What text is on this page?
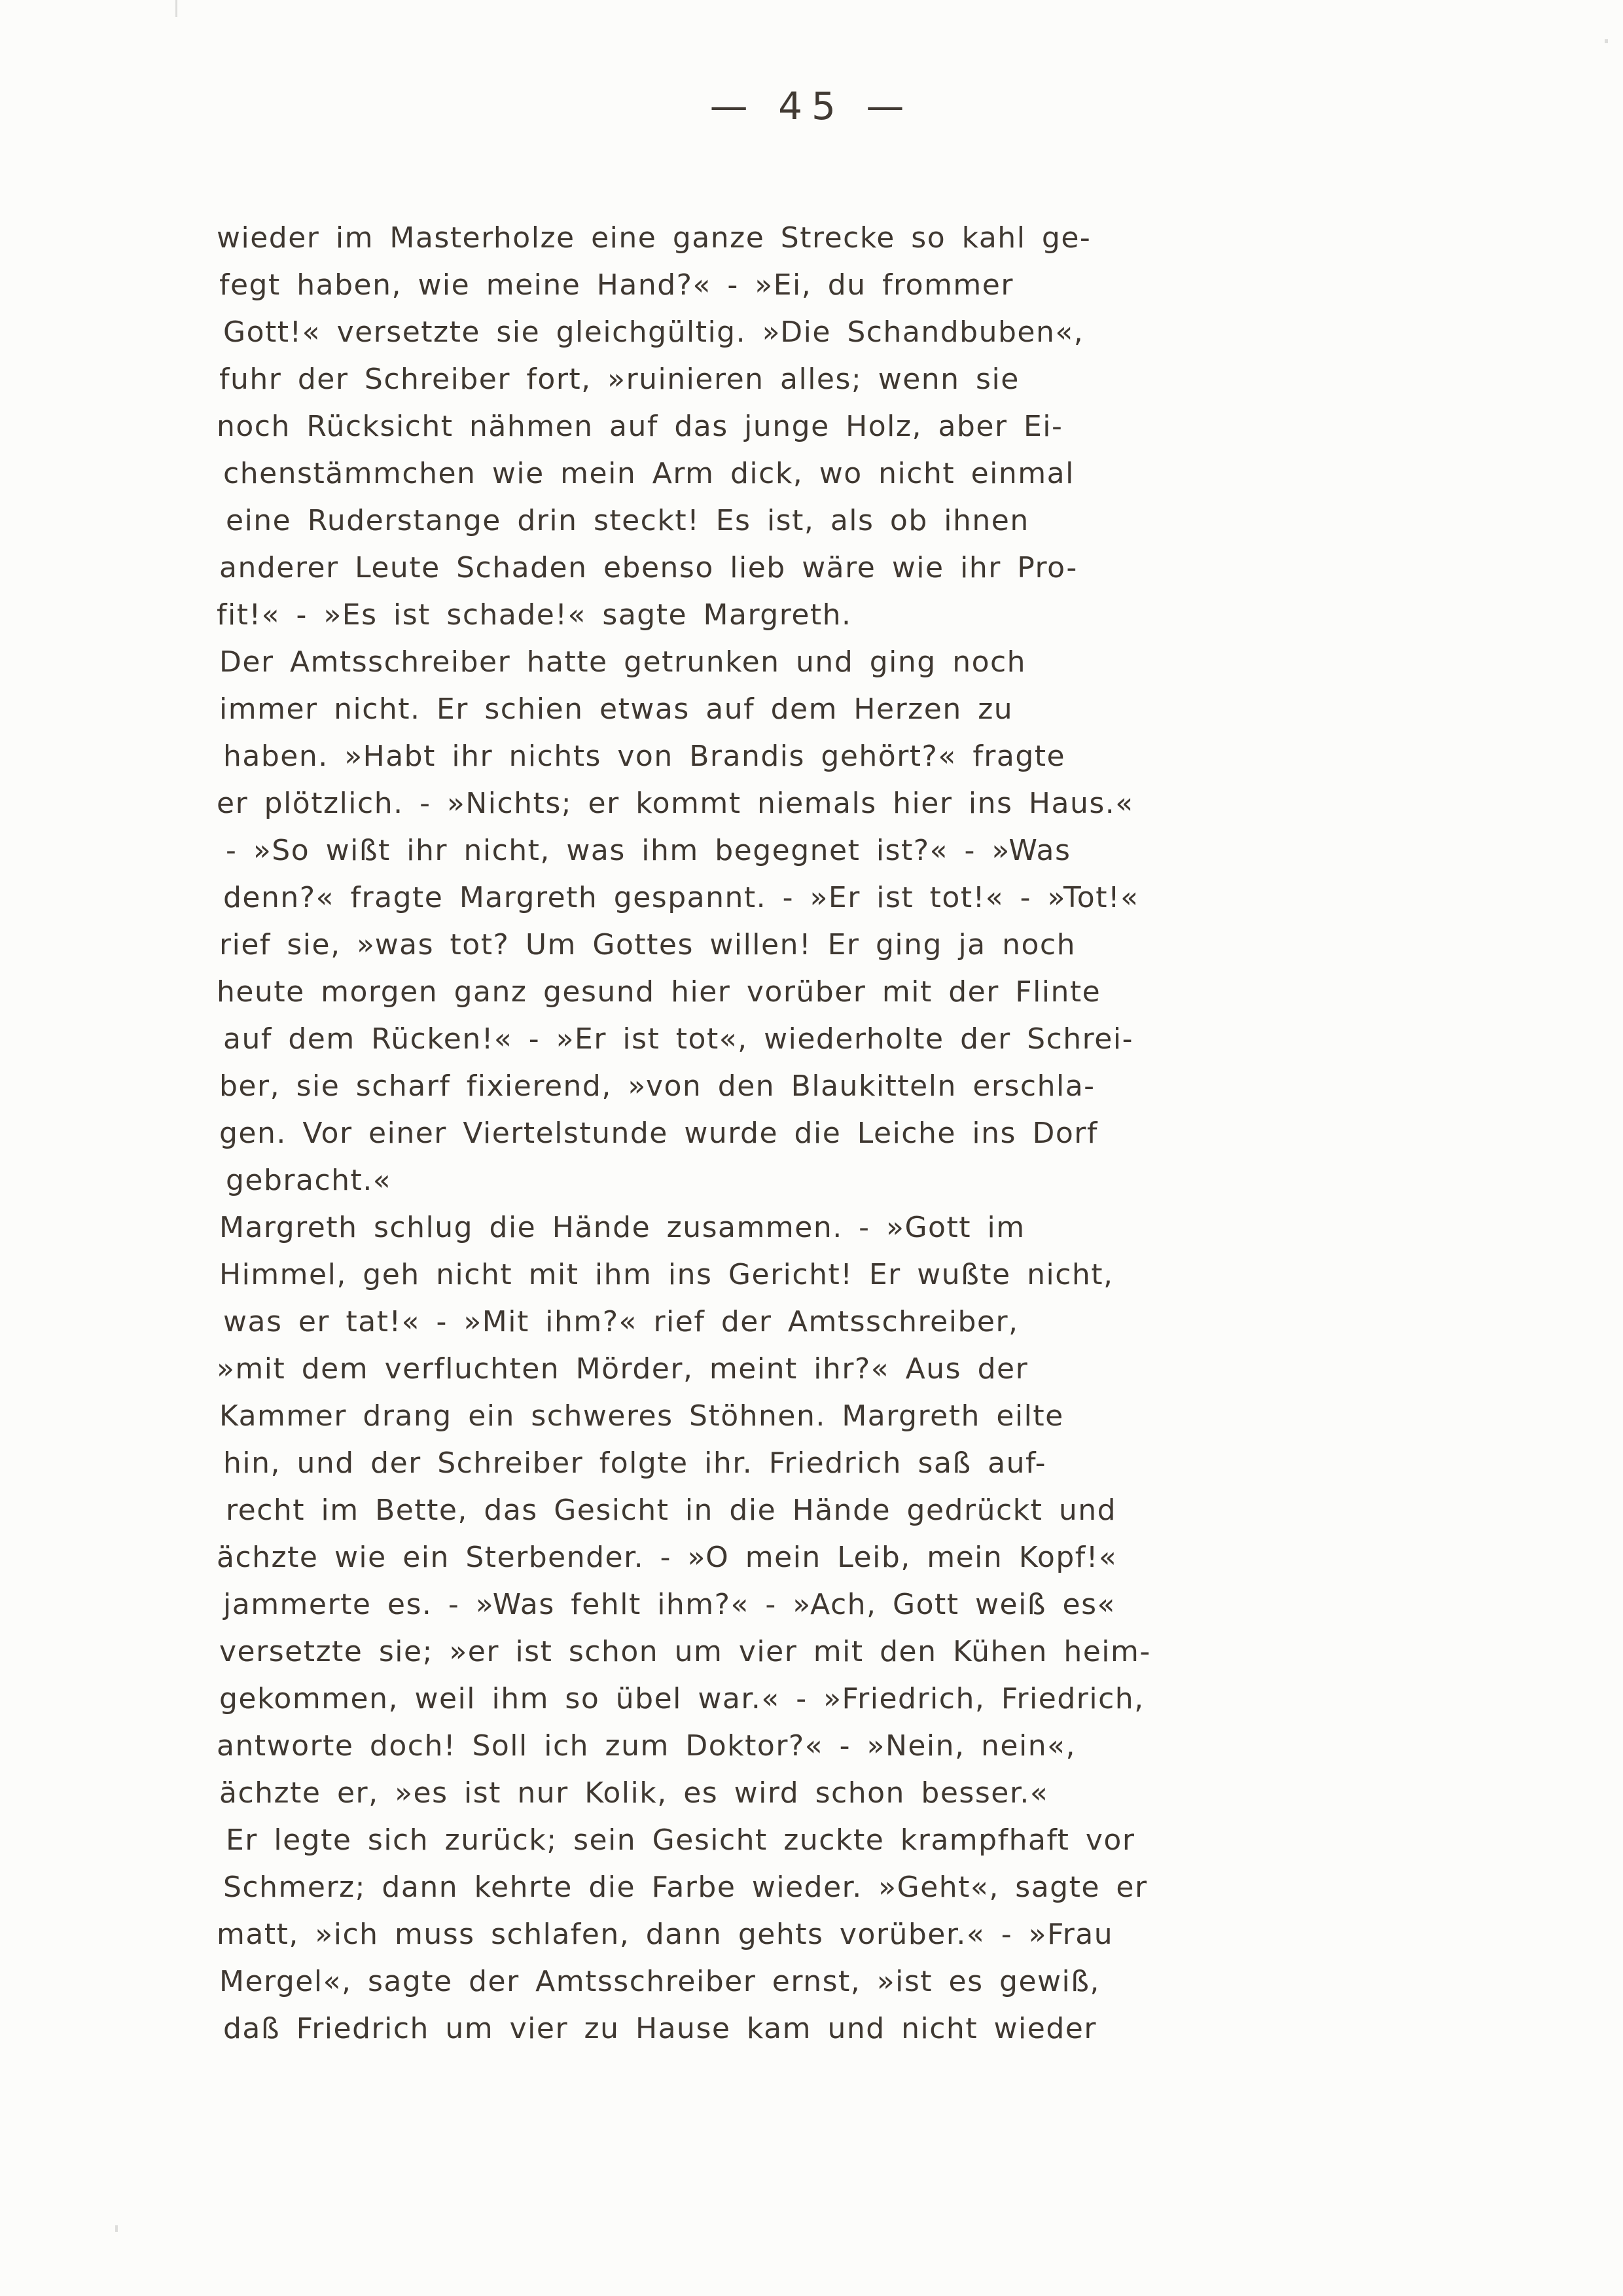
— 45 —

wieder im Masterholze eine ganze Strecke so kahl ge-

fegt haben, wie meine Hand?« - »Ei, du frommer

Gott!« versetzte sie gleichgültig. »Die Schandbuben«,

fuhr der Schreiber fort, »ruinieren alles; wenn sie

noch Rücksicht nähmen auf das junge Holz, aber Ei-

chenstämmchen wie mein Arm dick, wo nicht einmal

eine Ruderstange drin steckt! Es ist, als ob ihnen

anderer Leute Schaden ebenso lieb wäre wie ihr Pro-

fit!« - »Es ist schade!« sagte Margreth.

Der Amtsschreiber hatte getrunken und ging noch

immer nicht. Er schien etwas auf dem Herzen zu

haben. »Habt ihr nichts von Brandis gehört?« fragte

er plötzlich. - »Nichts; er kommt niemals hier ins Haus.«

- »So wißt ihr nicht, was ihm begegnet ist?« - »Was

denn?« fragte Margreth gespannt. - »Er ist tot!« - »Tot!«

rief sie, »was tot? Um Gottes willen! Er ging ja noch

heute morgen ganz gesund hier vorüber mit der Flinte

auf dem Rücken!« - »Er ist tot«, wiederholte der Schrei-

ber, sie scharf fixierend, »von den Blaukitteln erschla-

gen. Vor einer Viertelstunde wurde die Leiche ins Dorf

gebracht.«

Margreth schlug die Hände zusammen. - »Gott im

Himmel, geh nicht mit ihm ins Gericht! Er wußte nicht,

was er tat!« - »Mit ihm?« rief der Amtsschreiber,

»mit dem verfluchten Mörder, meint ihr?« Aus der

Kammer drang ein schweres Stöhnen. Margreth eilte

hin, und der Schreiber folgte ihr. Friedrich saß auf-

recht im Bette, das Gesicht in die Hände gedrückt und

ächzte wie ein Sterbender. - »O mein Leib, mein Kopf!«

jammerte es. - »Was fehlt ihm?« - »Ach, Gott weiß es«

versetzte sie; »er ist schon um vier mit den Kühen heim-

gekommen, weil ihm so übel war.« - »Friedrich, Friedrich,

antworte doch! Soll ich zum Doktor?« - »Nein, nein«,

ächzte er, »es ist nur Kolik, es wird schon besser.«

Er legte sich zurück; sein Gesicht zuckte krampfhaft vor

Schmerz; dann kehrte die Farbe wieder. »Geht«, sagte er

matt, »ich muss schlafen, dann gehts vorüber.« - »Frau

Mergel«, sagte der Amtsschreiber ernst, »ist es gewiß,

daß Friedrich um vier zu Hause kam und nicht wieder
